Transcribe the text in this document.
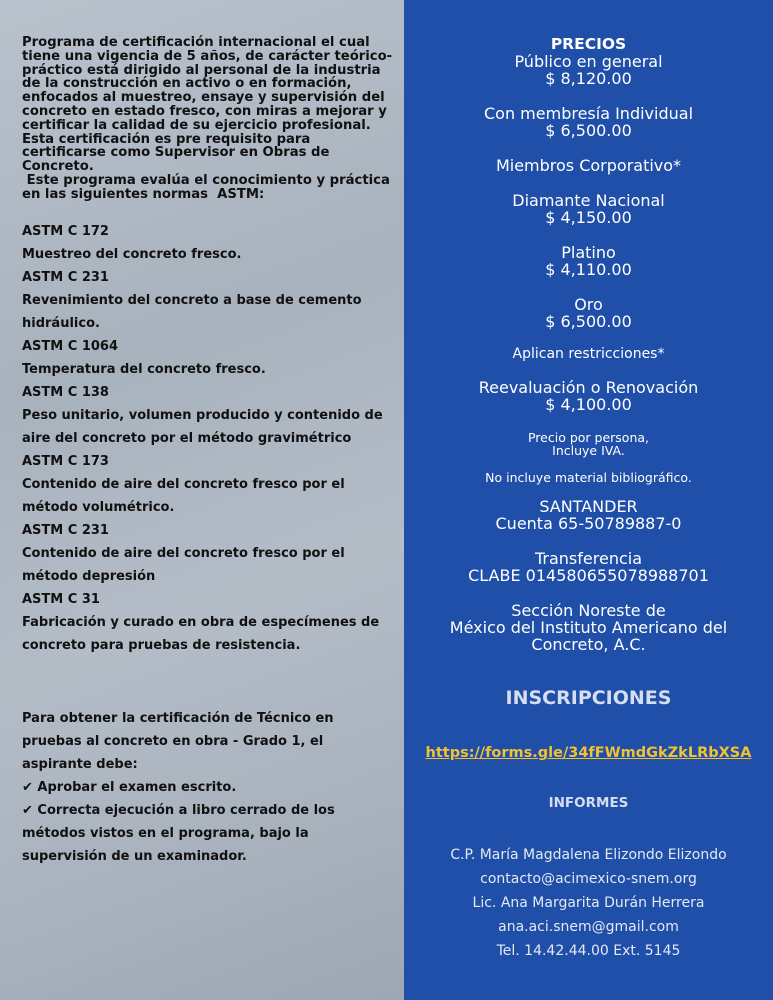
Programa de certificación internacional el cual tiene una vigencia de 5 años, de carácter teórico-práctico está dirigido al personal de la industria de la construcción en activo o en formación, enfocados al muestreo, ensaye y supervisión del concreto en estado fresco, con miras a mejorar y certificar la calidad de su ejercicio profesional.

Esta certificación es pre requisito para certificarse como Supervisor en Obras de Concreto.

Este programa evalúa el conocimiento y práctica en las siguientes normas  ASTM:

ASTM C 172
Muestreo del concreto fresco.
ASTM C 231
Revenimiento del concreto a base de cemento hidráulico.
ASTM C 1064
Temperatura del concreto fresco.
ASTM C 138
Peso unitario, volumen producido y contenido de aire del concreto por el método gravimétrico
ASTM C 173
Contenido de aire del concreto fresco por el método volumétrico.
ASTM C 231
Contenido de aire del concreto fresco por el método depresión
ASTM C 31
Fabricación y curado en obra de especímenes de concreto para pruebas de resistencia.

Para obtener la certificación de Técnico en pruebas al concreto en obra - Grado 1, el aspirante debe:

✔ Aprobar el examen escrito.

✔ Correcta ejecución a libro cerrado de los métodos vistos en el programa, bajo la supervisión de un examinador.

PRECIOS
Público en general
$ 8,120.00
Con membresía Individual
$ 6,500.00
Miembros Corporativo*
Diamante Nacional
$ 4,150.00
Platino
$ 4,110.00
Oro
$ 6,500.00
Aplican restricciones*
Reevaluación o Renovación
$ 4,100.00
Precio por persona,
Incluye IVA.
No incluye material bibliográfico.
SANTANDER
Cuenta 65-50789887-0
Transferencia
CLABE 014580655078988701
Sección Noreste de
México del Instituto Americano del
Concreto, A.C.
INSCRIPCIONES
https://forms.gle/34fFWmdGkZkLRbXSA
INFORMES
C.P. María Magdalena Elizondo Elizondo
contacto@acimexico-snem.org
Lic. Ana Margarita Durán Herrera
ana.aci.snem@gmail.com
Tel. 14.42.44.00 Ext. 5145
